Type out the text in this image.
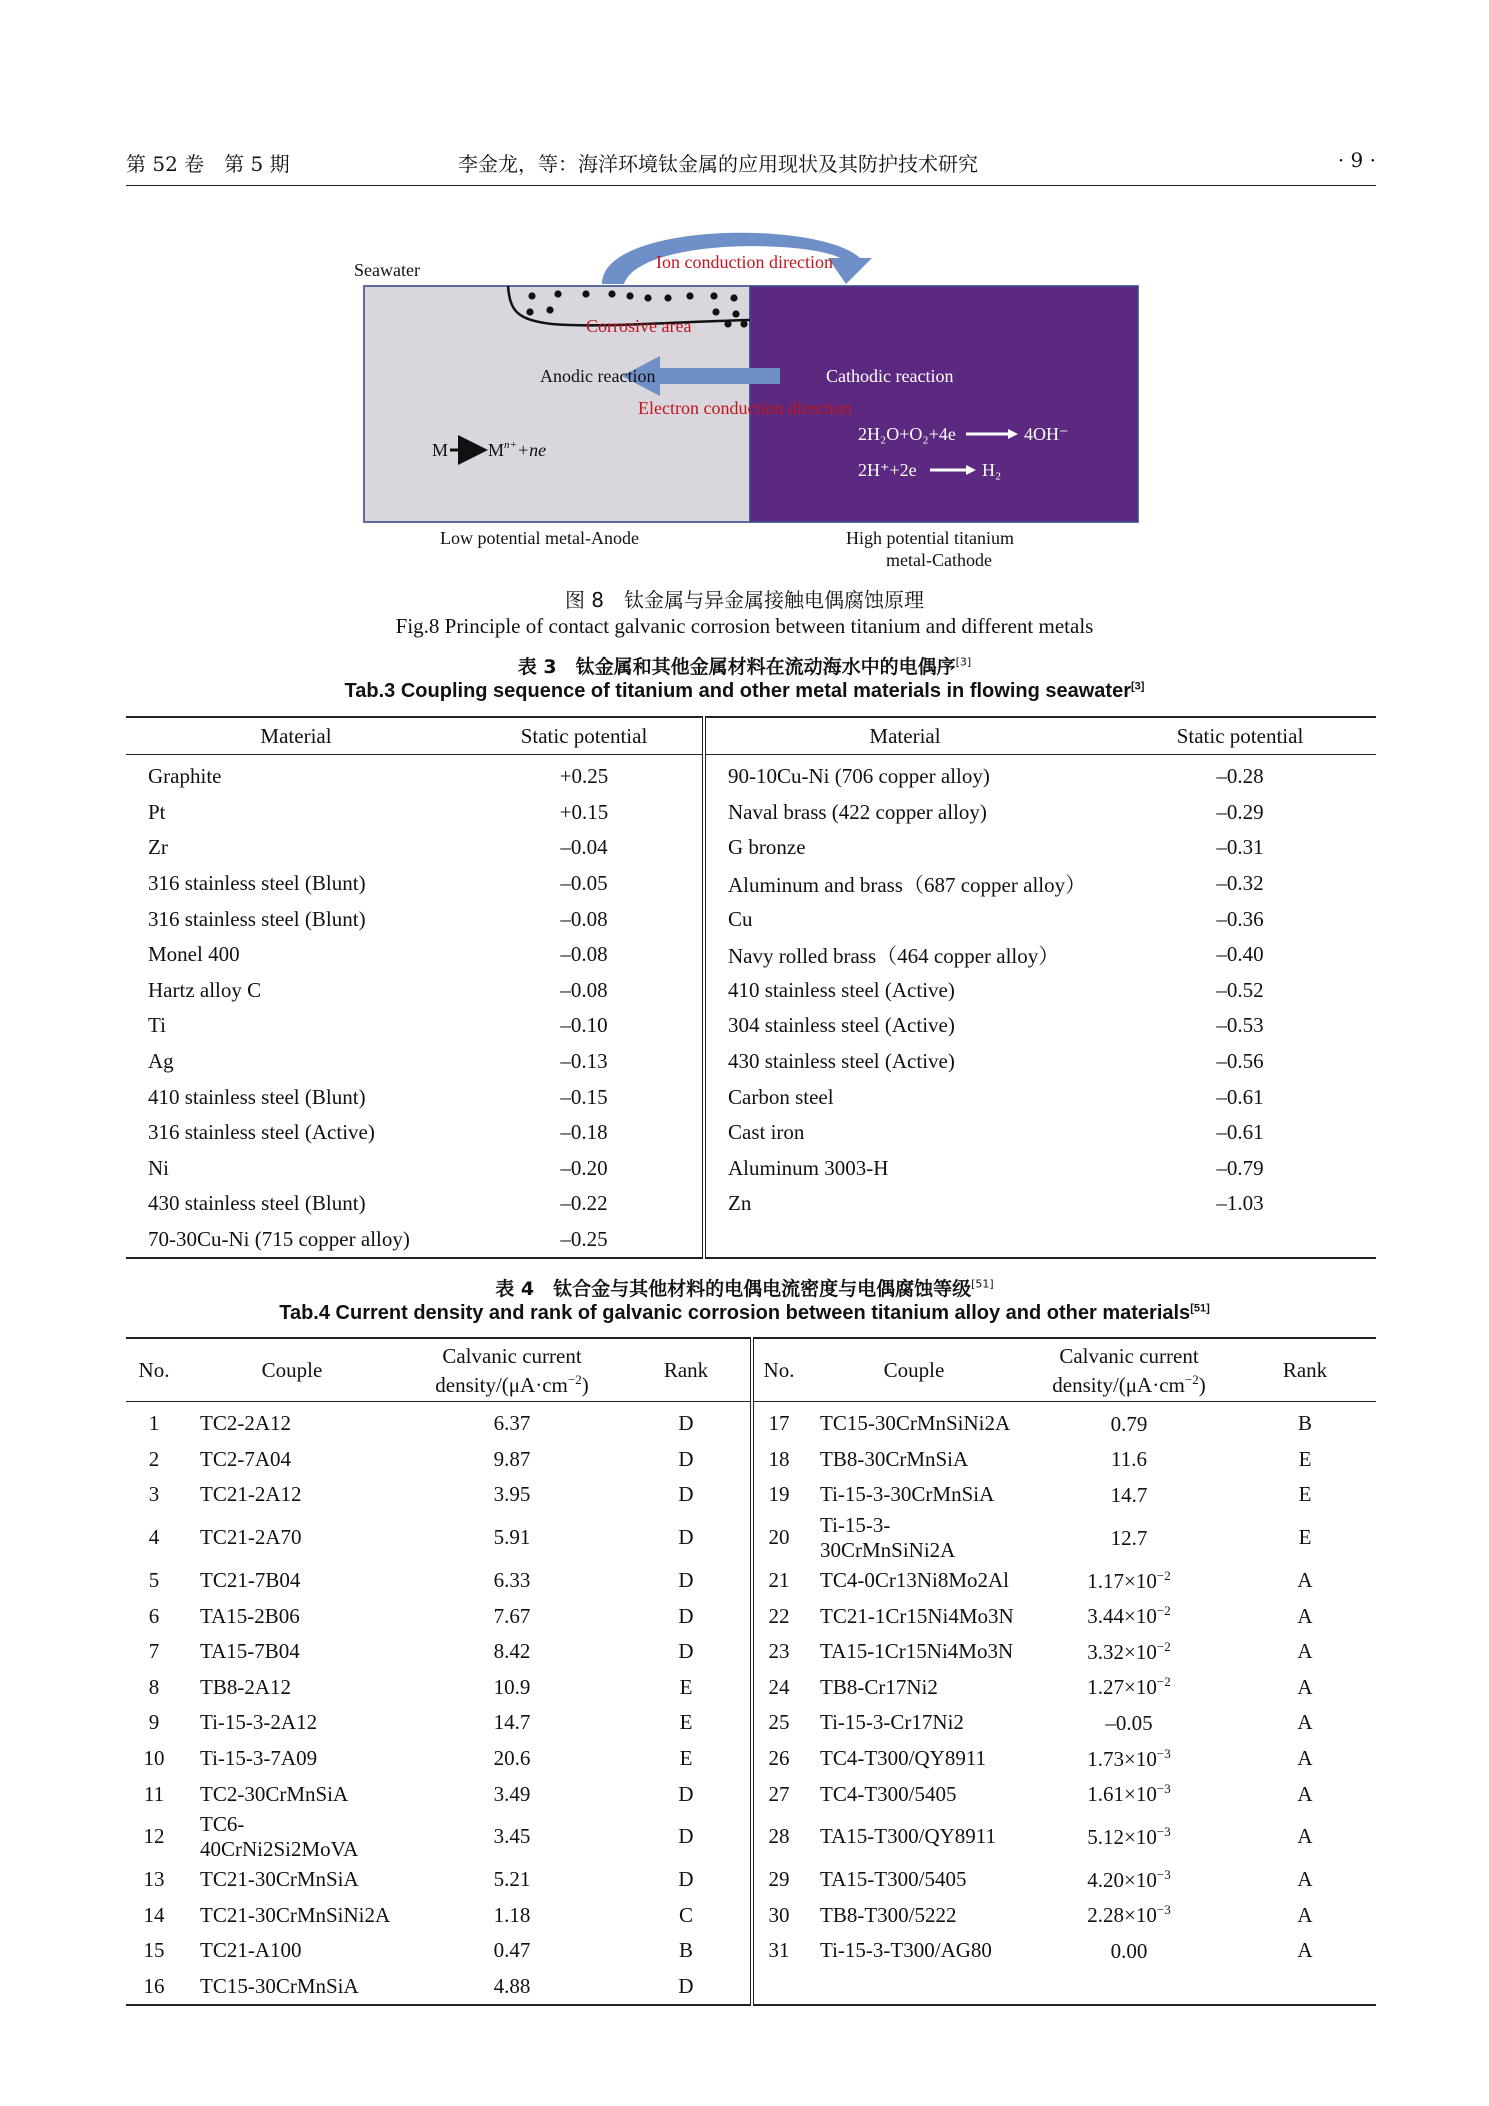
第 52 卷　第 5 期	李金龙，等：海洋环境钛金属的应用现状及其防护技术研究	· 9 ·
Seawater	Ion conduction direction
Corrosive area
Anodic reaction	Cathodic reaction
Electron conduction direction
M $M^{n+}+ne$
2H₂O+O₂+4e	4OH⁻
2H⁺+2e	H₂
Low potential metal-Anode	High potential titanium
metal-Cathode
图 8　钛金属与异金属接触电偶腐蚀原理
Fig.8 Principle of contact galvanic corrosion between titanium and different metals
表 3　钛金属和其他金属材料在流动海水中的电偶序[3]
Tab.3 Coupling sequence of titanium and other metal materials in flowing seawater[3]
Material	Static potential	Material	Static potential
Graphite	+0.25	90-10Cu-Ni (706 copper alloy)	–0.28
Pt	+0.15	Naval brass (422 copper alloy)	–0.29
Zr	–0.04	G bronze	–0.31
316 stainless steel (Blunt)	–0.05	Aluminum and brass（687 copper alloy）	–0.32
316 stainless steel (Blunt)	–0.08	Cu	–0.36
Monel 400	–0.08	Navy rolled brass（464 copper alloy）	–0.40
Hartz alloy C	–0.08	410 stainless steel (Active)	–0.52
Ti	–0.10	304 stainless steel (Active)	–0.53
Ag	–0.13	430 stainless steel (Active)	–0.56
410 stainless steel (Blunt)	–0.15	Carbon steel	–0.61
316 stainless steel (Active)	–0.18	Cast iron	–0.61
Ni	–0.20	Aluminum 3003-H	–0.79
430 stainless steel (Blunt)	–0.22	Zn	–1.03
70-30Cu-Ni (715 copper alloy)	–0.25		
表 4　钛合金与其他材料的电偶电流密度与电偶腐蚀等级[51]
Tab.4 Current density and rank of galvanic corrosion between titanium alloy and other materials[51]
No.	Couple	Calvanic current
density/$(\mu A\cdot cm^{-2})$	Rank	No.	Couple	Calvanic current
density/$(\mu A\cdot cm^{-2})$	Rank
1	TC2-2A12	6.37	D	17	TC15-30CrMnSiNi2A	0.79	B
2	TC2-7A04	9.87	D	18	TB8-30CrMnSiA	11.6	E
3	TC21-2A12	3.95	D	19	Ti-15-3-30CrMnSiA	14.7	E
4	TC21-2A70	5.91	D	20	Ti-15-3-30CrMnSiNi2A	12.7	E
5	TC21-7B04	6.33	D	21	TC4-0Cr13Ni8Mo2Al	$1.17\times 10^{-2}$	A
6	TA15-2B06	7.67	D	22	TC21-1Cr15Ni4Mo3N	$3.44\times 10^{-2}$	A
7	TA15-7B04	8.42	D	23	TA15-1Cr15Ni4Mo3N	$3.32\times 10^{-2}$	A
8	TB8-2A12	10.9	E	24	TB8-Cr17Ni2	$1.27\times 10^{-2}$	A
9	Ti-15-3-2A12	14.7	E	25	Ti-15-3-Cr17Ni2	–0.05	A
10	Ti-15-3-7A09	20.6	E	26	TC4-T300/QY8911	$1.73\times 10^{-3}$	A
11	TC2-30CrMnSiA	3.49	D	27	TC4-T300/5405	$1.61\times 10^{-3}$	A
12	TC6-40CrNi2Si2MoVA	3.45	D	28	TA15-T300/QY8911	$5.12\times 10^{-3}$	A
13	TC21-30CrMnSiA	5.21	D	29	TA15-T300/5405	$4.20\times 10^{-3}$	A
14	TC21-30CrMnSiNi2A	1.18	C	30	TB8-T300/5222	$2.28\times 10^{-3}$	A
15	TC21-A100	0.47	B	31	Ti-15-3-T300/AG80	0.00	A
16	TC15-30CrMnSiA	4.88	D				
